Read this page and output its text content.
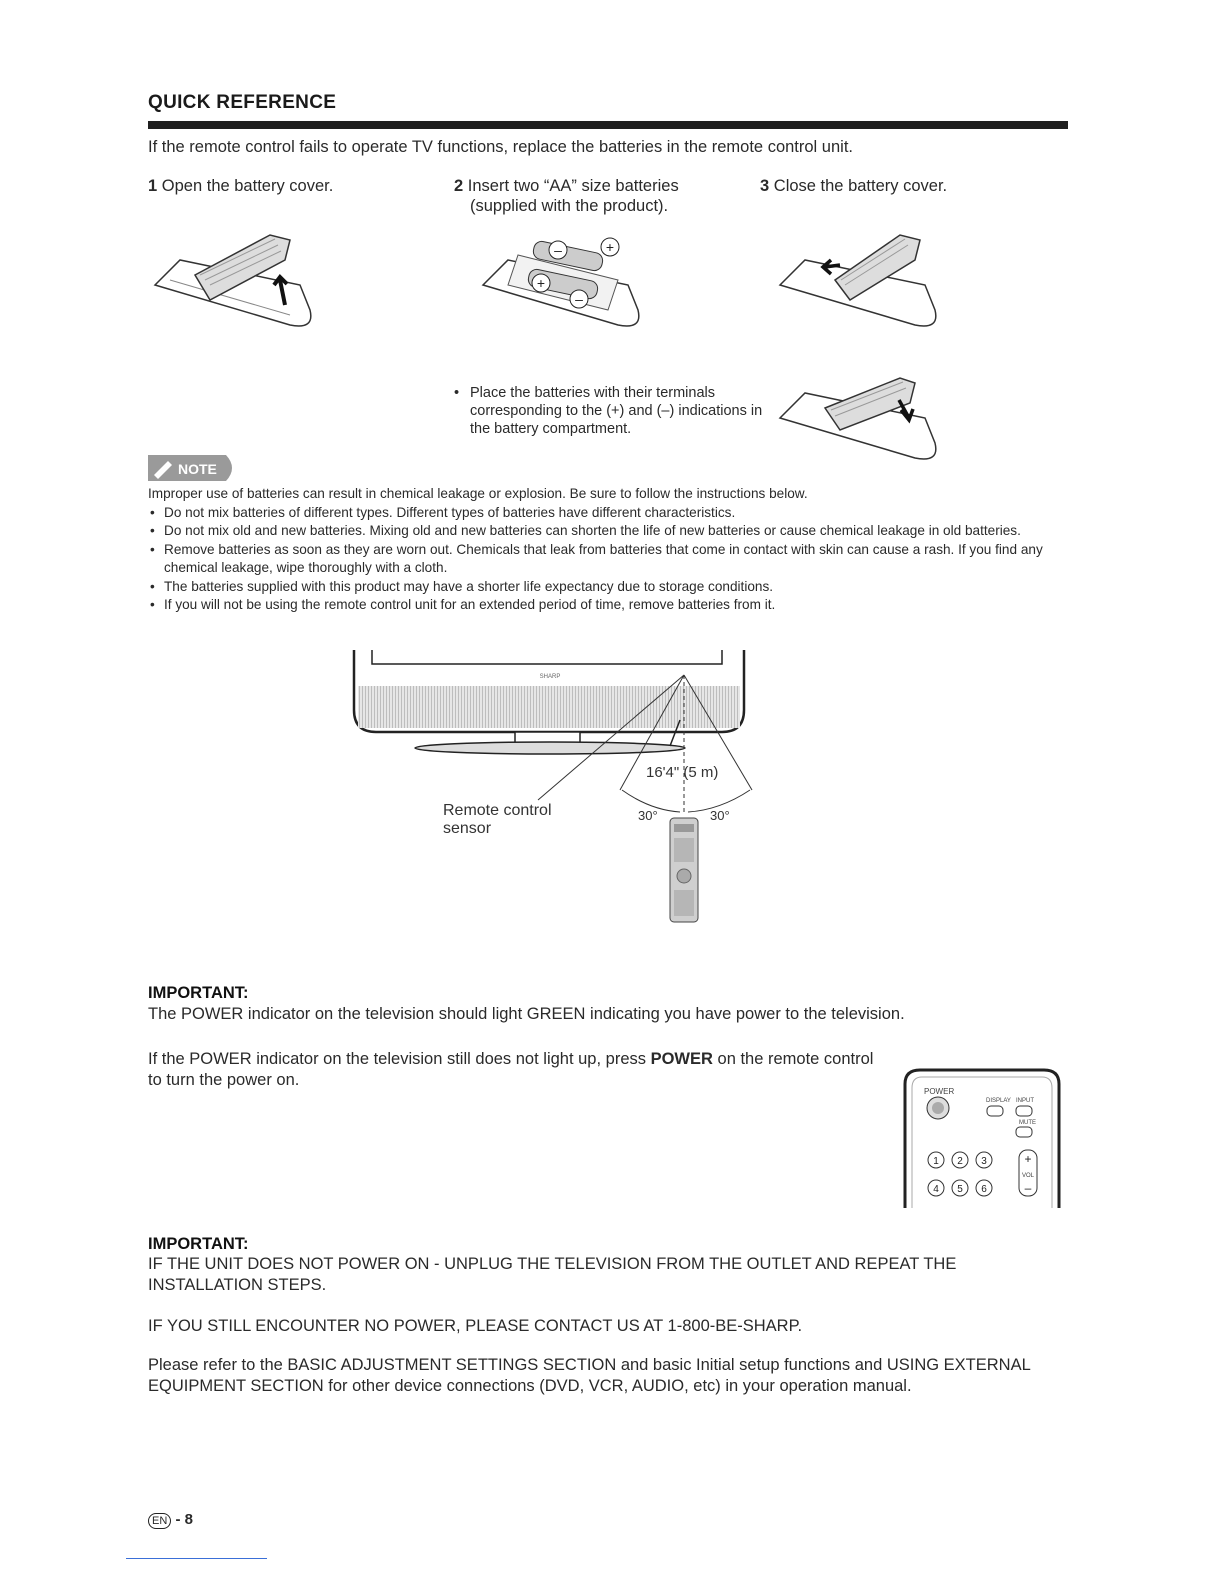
QUICK REFERENCE
If the remote control fails to operate TV functions, replace the batteries in the remote control unit.
1 Open the battery cover.	2 Insert two “AA” size batteries
(supplied with the product).
3 Close the battery cover.
–	+
+
–
• Place the batteries with their terminals corresponding to the (+) and (–) indications in the battery compartment.
NOTE
Improper use of batteries can result in chemical leakage or explosion. Be sure to follow the instructions below.
• Do not mix batteries of different types. Different types of batteries have different characteristics.
• Do not mix old and new batteries. Mixing old and new batteries can shorten the life of new batteries or cause chemical leakage in old batteries.
• Remove batteries as soon as they are worn out. Chemicals that leak from batteries that come in contact with skin can cause a rash. If you find any chemical leakage, wipe thoroughly with a cloth.
• The batteries supplied with this product may have a shorter life expectancy due to storage conditions.
• If you will not be using the remote control unit for an extended period of time, remove batteries from it.
SHARP
16'4" (5 m)
30°	30°
Remote control
sensor
IMPORTANT:
The POWER indicator on the television should light GREEN indicating you have power to the television.
If the POWER indicator on the television still does not light up, press POWER on the remote control to turn the power on.
POWER
DISPLAY INPUT
MUTE
1 2 3
4 5 6
+
VOL
–
IMPORTANT:
IF THE UNIT DOES NOT POWER ON - UNPLUG THE TELEVISION FROM THE OUTLET AND REPEAT THE INSTALLATION STEPS.
IF YOU STILL ENCOUNTER NO POWER, PLEASE CONTACT US AT 1-800-BE-SHARP.
Please refer to the BASIC ADJUSTMENT SETTINGS SECTION and basic Initial setup functions and USING EXTERNAL EQUIPMENT SECTION for other device connections (DVD, VCR, AUDIO, etc) in your operation manual.
EN - 8
